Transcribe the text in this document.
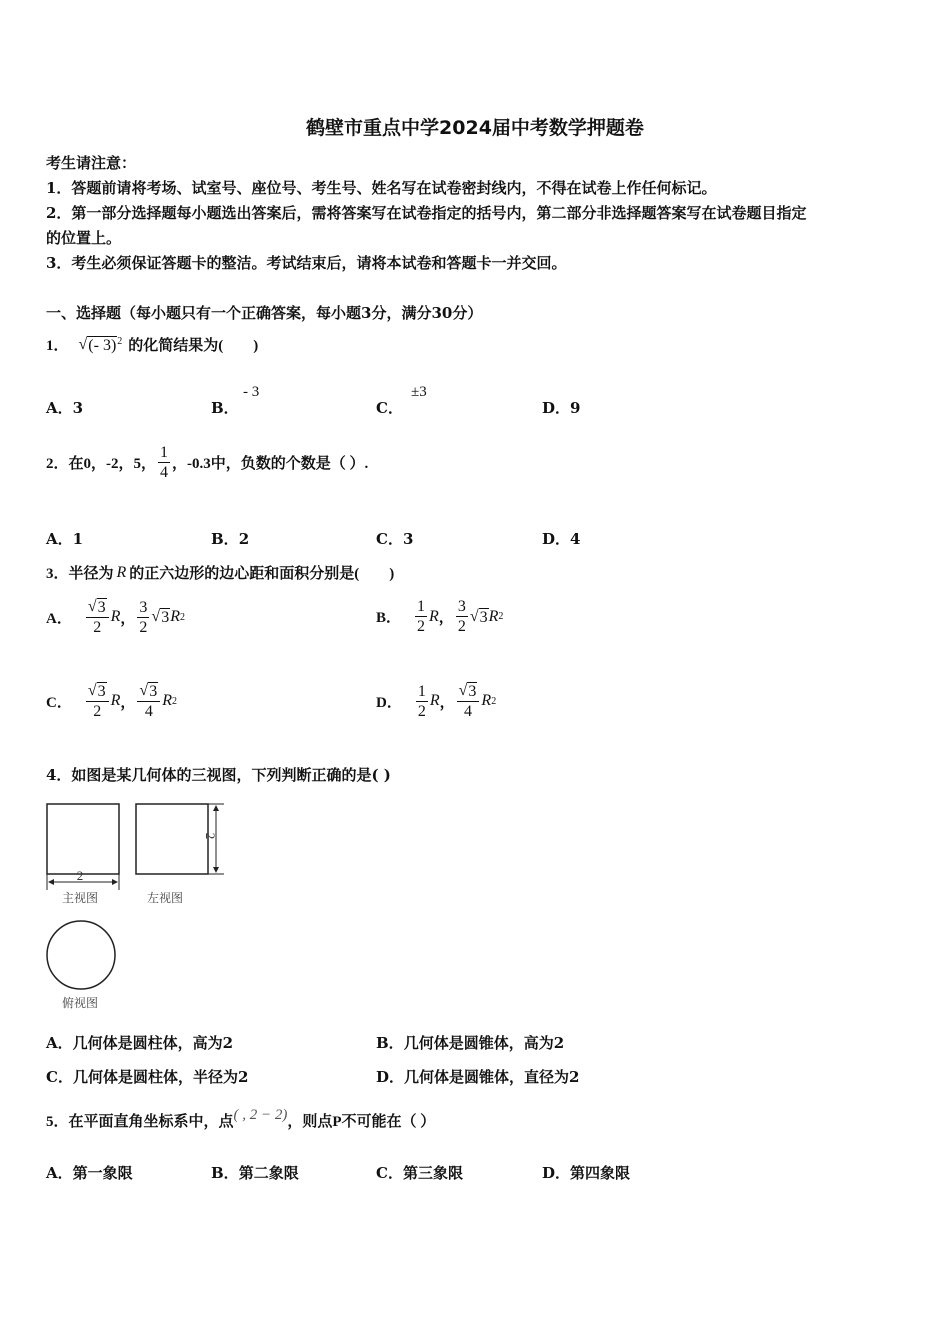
鹤壁市重点中学2024届中考数学押题卷
考生请注意：
1．答题前请将考场、试室号、座位号、考生号、姓名写在试卷密封线内，不得在试卷上作任何标记。
2．第一部分选择题每小题选出答案后，需将答案写在试卷指定的括号内，第二部分非选择题答案写在试卷题目指定
的位置上。
3．考生必须保证答题卡的整洁。考试结束后，请将本试卷和答题卡一并交回。
一、选择题（每小题只有一个正确答案，每小题3分，满分30分）
1． √ (- 3)$^2$ 的化简结果为(　　)
A．3	B．
- 3
C．
±3
D．9
2．在0，-2，5， $\frac{1}{4}$ ，-0.3中，负数的个数是（ ）.
A．1	B．2	C．3	D．4
3．半径为 R 的正六边形的边心距和面积分别是(　　)
A． $\frac{√ 3}{2}$ R ， $\frac{3}{2}$ √ 3 R 2	B． $\frac{1}{2}$ R ， $\frac{3}{2}$ √ 3 R 2
C． $\frac{√ 3}{2}$ R ， $\frac{√ 3}{4}$ R 2	D． $\frac{1}{2}$ R ， $\frac{√ 3}{4}$ R 2
4．如图是某几何体的三视图，下列判断正确的是( )
2
主视图
2
左视图
俯视图
A．几何体是圆柱体，高为2	B．几何体是圆锥体，高为2
C．几何体是圆柱体，半径为2	D．几何体是圆锥体，直径为2
5．在平面直角坐标系中，点 ( , 2 − 2) ，则点P不可能在（ ）
A．第一象限	B．第二象限	C．第三象限	D．第四象限
